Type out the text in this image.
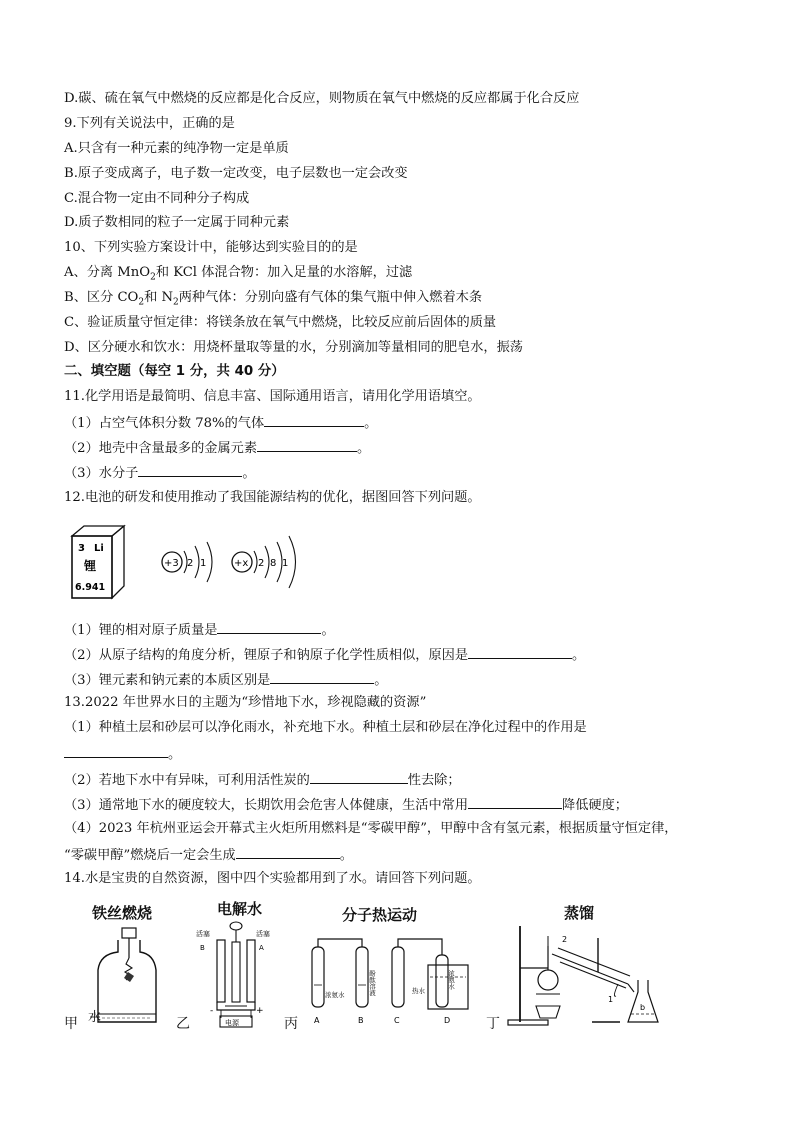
D.碳、硫在氧气中燃烧的反应都是化合反应，则物质在氧气中燃烧的反应都属于化合反应
9.下列有关说法中，正确的是
A.只含有一种元素的纯净物一定是单质
B.原子变成离子，电子数一定改变，电子层数也一定会改变
C.混合物一定由不同种分子构成
D.质子数相同的粒子一定属于同种元素
10、下列实验方案设计中，能够达到实验目的的是
A、分离 MnO$_2$和 KCl 体混合物：加入足量的水溶解，过滤
B、区分 $CO_2$和 $N_2$两种气体：分别向盛有气体的集气瓶中伸入燃着木条
C、验证质量守恒定律：将镁条放在氧气中燃烧，比较反应前后固体的质量
D、区分硬水和饮水：用烧杯量取等量的水，分别滴加等量相同的肥皂水，振荡
二、填空题（每空 1 分，共 40 分）
11.化学用语是最简明、信息丰富、国际通用语言，请用化学用语填空。
（1）占空气体积分数 78%的气体	。
（2）地壳中含量最多的金属元素	。
（3）水分子	。
12.电池的研发和使用推动了我国能源结构的优化，据图回答下列问题。
3 Li
锂
6.941
+3 2 1	+x 2 8 1
（1）锂的相对原子质量是	。
（2）从原子结构的角度分析，锂原子和钠原子化学性质相似，原因是	。
（3）锂元素和钠元素的本质区别是	。
13.2022 年世界水日的主题为“珍惜地下水，珍视隐藏的资源”
（1）种植土层和砂层可以净化雨水，补充地下水。种植土层和砂层在净化过程中的作用是
。
（2）若地下水中有异味，可利用活性炭的	性去除；
（3）通常地下水的硬度较大，长期饮用会危害人体健康，生活中常用	降低硬度；
（4）2023 年杭州亚运会开幕式主火炬所用燃料是“零碳甲醇”，甲醇中含有氢元素，根据质量守恒定律，
“零碳甲醇”燃烧后一定会生成	。
14.水是宝贵的自然资源，图中四个实验都用到了水。请回答下列问题。
铁丝燃烧
甲 水
电解水
乙
活塞	活塞
B	A
电源
-	+
分子热运动
丙
浓氨水	酚酞溶液	热水
浓氨水
A	B	C	D
蒸馏
丁
2
1
b
